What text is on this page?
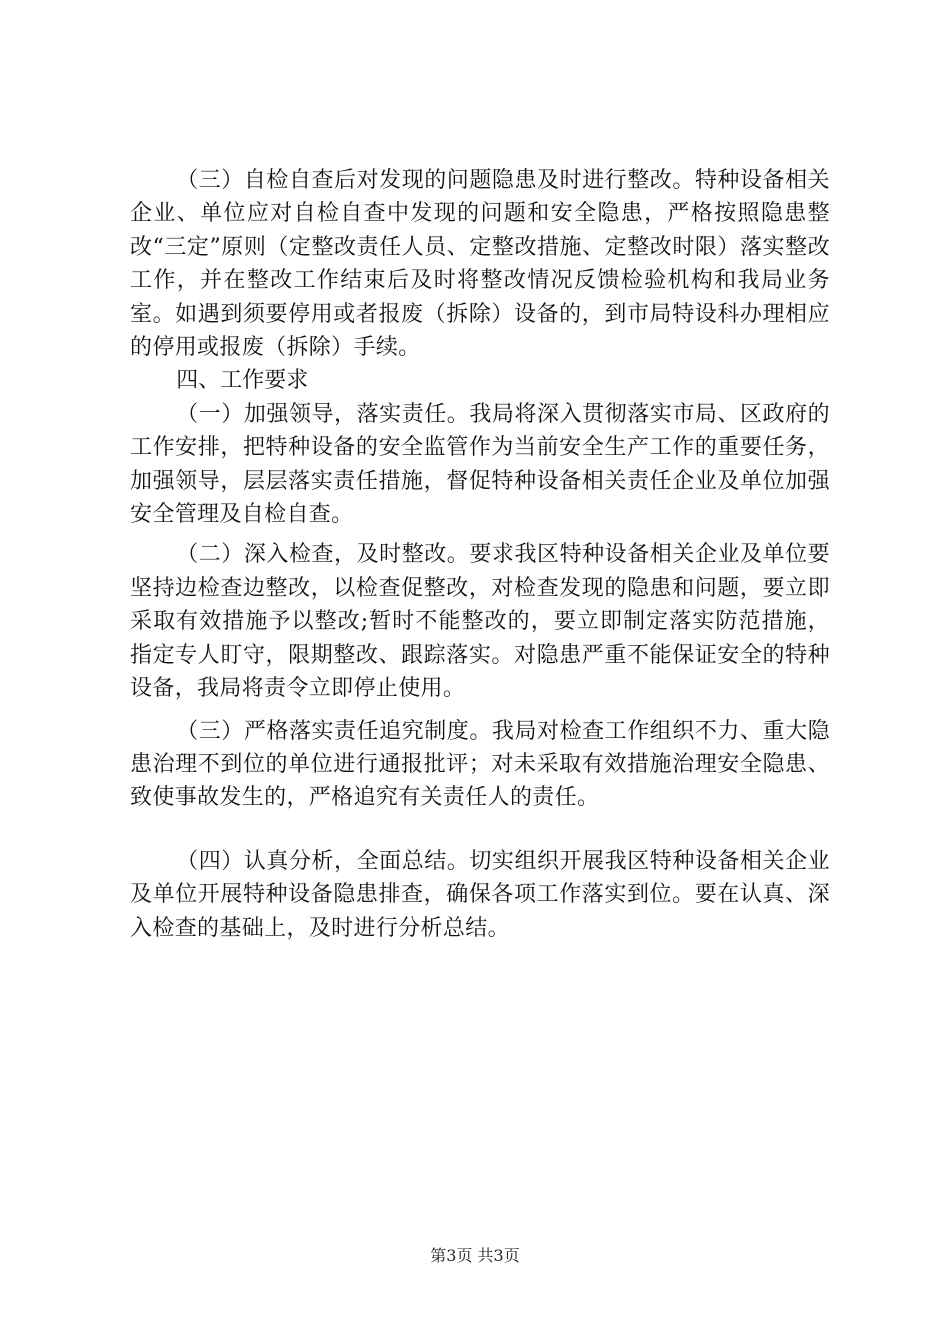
（三）自检自查后对发现的问题隐患及时进行整改。特种设备相关企业、单位应对自检自查中发现的问题和安全隐患，严格按照隐患整改“三定”原则（定整改责任人员、定整改措施、定整改时限）落实整改工作，并在整改工作结束后及时将整改情况反馈检验机构和我局业务室。如遇到须要停用或者报废（拆除）设备的，到市局特设科办理相应的停用或报废（拆除）手续。

四、工作要求

（一）加强领导，落实责任。我局将深入贯彻落实市局、区政府的工作安排，把特种设备的安全监管作为当前安全生产工作的重要任务，加强领导，层层落实责任措施，督促特种设备相关责任企业及单位加强安全管理及自检自查。

（二）深入检查，及时整改。要求我区特种设备相关企业及单位要坚持边检查边整改，以检查促整改，对检查发现的隐患和问题，要立即采取有效措施予以整改;暂时不能整改的，要立即制定落实防范措施，指定专人盯守，限期整改、跟踪落实。对隐患严重不能保证安全的特种设备，我局将责令立即停止使用。

（三）严格落实责任追究制度。我局对检查工作组织不力、重大隐患治理不到位的单位进行通报批评；对未采取有效措施治理安全隐患、致使事故发生的，严格追究有关责任人的责任。

（四）认真分析，全面总结。切实组织开展我区特种设备相关企业及单位开展特种设备隐患排查，确保各项工作落实到位。要在认真、深入检查的基础上，及时进行分析总结。

第3页 共3页
